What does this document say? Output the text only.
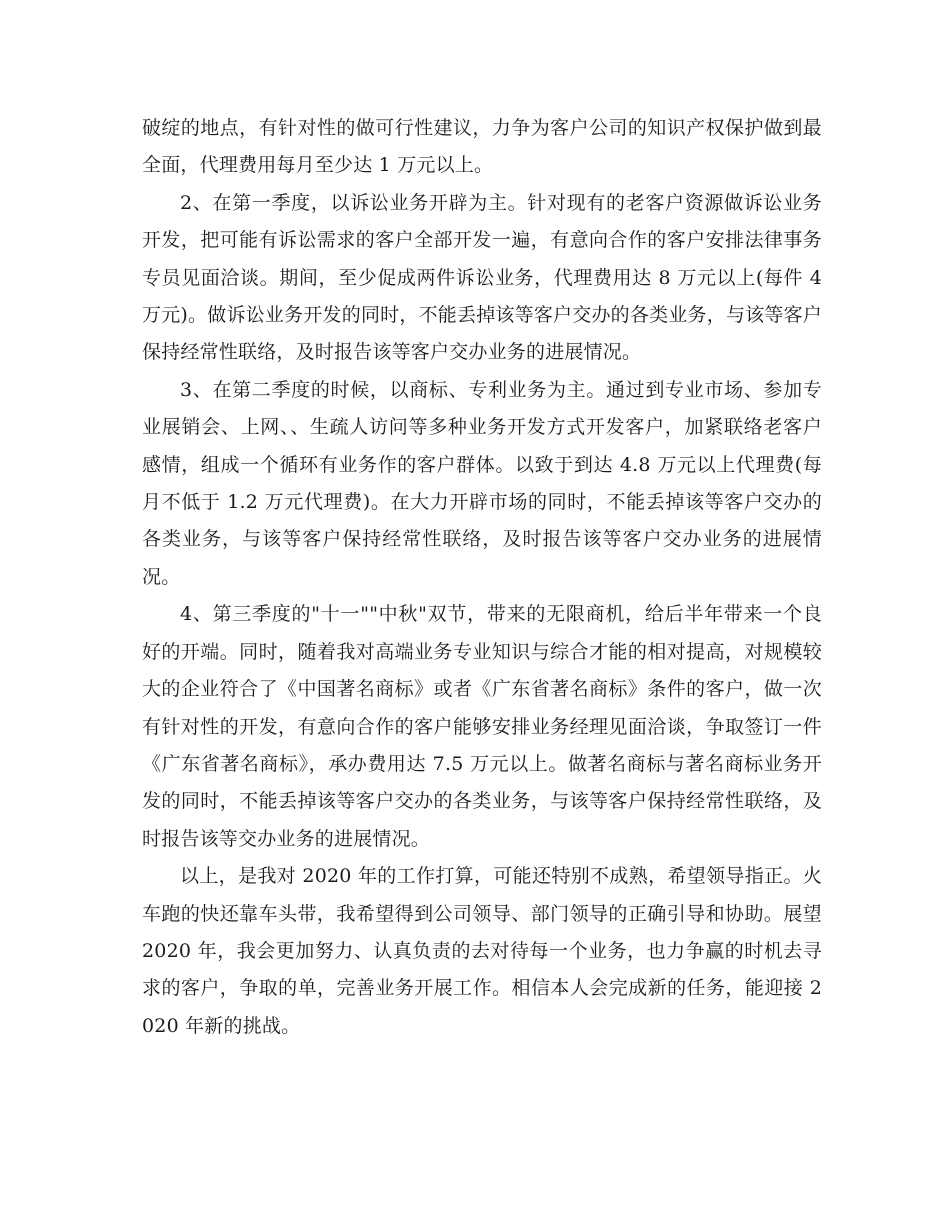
破绽的地点，有针对性的做可行性建议，力争为客户公司的知识产权保护做到最全面，代理费用每月至少达 1 万元以上。

2、在第一季度，以诉讼业务开辟为主。针对现有的老客户资源做诉讼业务开发，把可能有诉讼需求的客户全部开发一遍，有意向合作的客户安排法律事务专员见面洽谈。期间，至少促成两件诉讼业务，代理费用达 8 万元以上(每件 4 万元)。做诉讼业务开发的同时，不能丢掉该等客户交办的各类业务，与该等客户保持经常性联络，及时报告该等客户交办业务的进展情况。

3、在第二季度的时候，以商标、专利业务为主。通过到专业市场、参加专业展销会、上网、、生疏人访问等多种业务开发方式开发客户，加紧联络老客户感情，组成一个循环有业务作的客户群体。以致于到达 4.8 万元以上代理费(每月不低于 1.2 万元代理费)。在大力开辟市场的同时，不能丢掉该等客户交办的各类业务，与该等客户保持经常性联络，及时报告该等客户交办业务的进展情况。

4、第三季度的"十一""中秋"双节，带来的无限商机，给后半年带来一个良好的开端。同时，随着我对高端业务专业知识与综合才能的相对提高，对规模较大的企业符合了《中国著名商标》或者《广东省著名商标》条件的客户，做一次有针对性的开发，有意向合作的客户能够安排业务经理见面洽谈，争取签订一件《广东省著名商标》，承办费用达 7.5 万元以上。做著名商标与著名商标业务开发的同时，不能丢掉该等客户交办的各类业务，与该等客户保持经常性联络，及时报告该等交办业务的进展情况。

以上，是我对 2020 年的工作打算，可能还特别不成熟，希望领导指正。火车跑的快还靠车头带，我希望得到公司领导、部门领导的正确引导和协助。展望 2020 年，我会更加努力、认真负责的去对待每一个业务，也力争赢的时机去寻求的客户，争取的单，完善业务开展工作。相信本人会完成新的任务，能迎接 2020 年新的挑战。
